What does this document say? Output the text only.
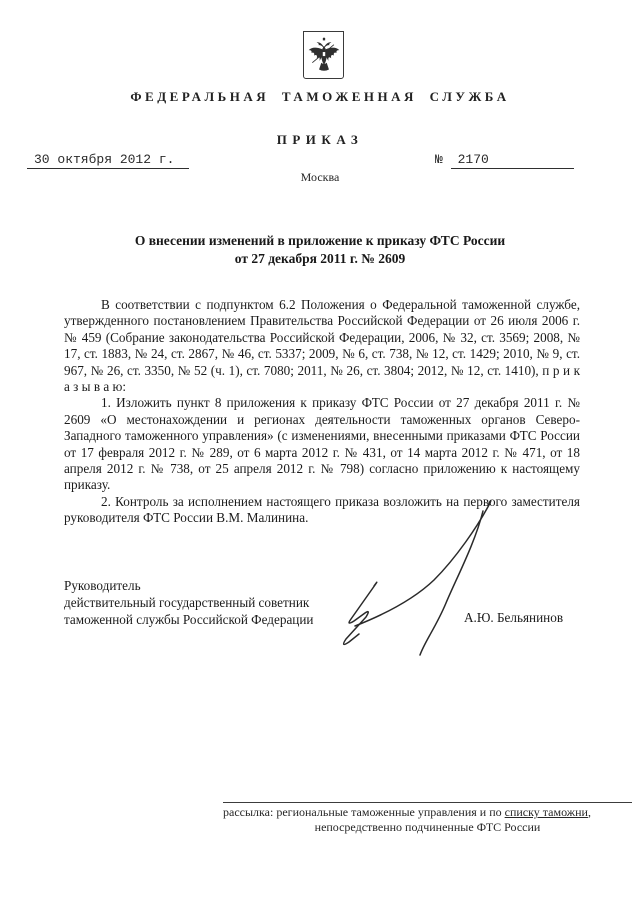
ФЕДЕРАЛЬНАЯ ТАМОЖЕННАЯ СЛУЖБА
ПРИКАЗ
30 октября 2012 г.	№ 2170
Москва
О внесении изменений в приложение к приказу ФТС России
от 27 декабря 2011 г. № 2609

В соответствии с подпунктом 6.2 Положения о Федеральной таможенной службе, утвержденного постановлением Правительства Российской Федерации от 26 июля 2006 г. № 459 (Собрание законодательства Российской Федерации, 2006, № 32, ст. 3569; 2008, № 17, ст. 1883, № 24, ст. 2867, № 46, ст. 5337; 2009, № 6, ст. 738, № 12, ст. 1429; 2010, № 9, ст. 967, № 26, ст. 3350, № 52 (ч. 1), ст. 7080; 2011, № 26, ст. 3804; 2012, № 12, ст. 1410), п р и к а з ы в а ю:

1. Изложить пункт 8 приложения к приказу ФТС России от 27 декабря 2011 г. № 2609 «О местонахождении и регионах деятельности таможенных органов Северо-Западного таможенного управления» (с изменениями, внесенными приказами ФТС России от 17 февраля 2012 г. № 289, от 6 марта 2012 г. № 431, от 14 марта 2012 г. № 471, от 18 апреля 2012 г. № 738, от 25 апреля 2012 г. № 798) согласно приложению к настоящему приказу.

2. Контроль за исполнением настоящего приказа возложить на первого заместителя руководителя ФТС России В.М. Малинина.

Руководитель
действительный государственный советник
таможенной службы Российской Федерации	А.Ю. Бельянинов
рассылка: региональные таможенные управления и по списку таможни,
непосредственно подчиненные ФТС России
